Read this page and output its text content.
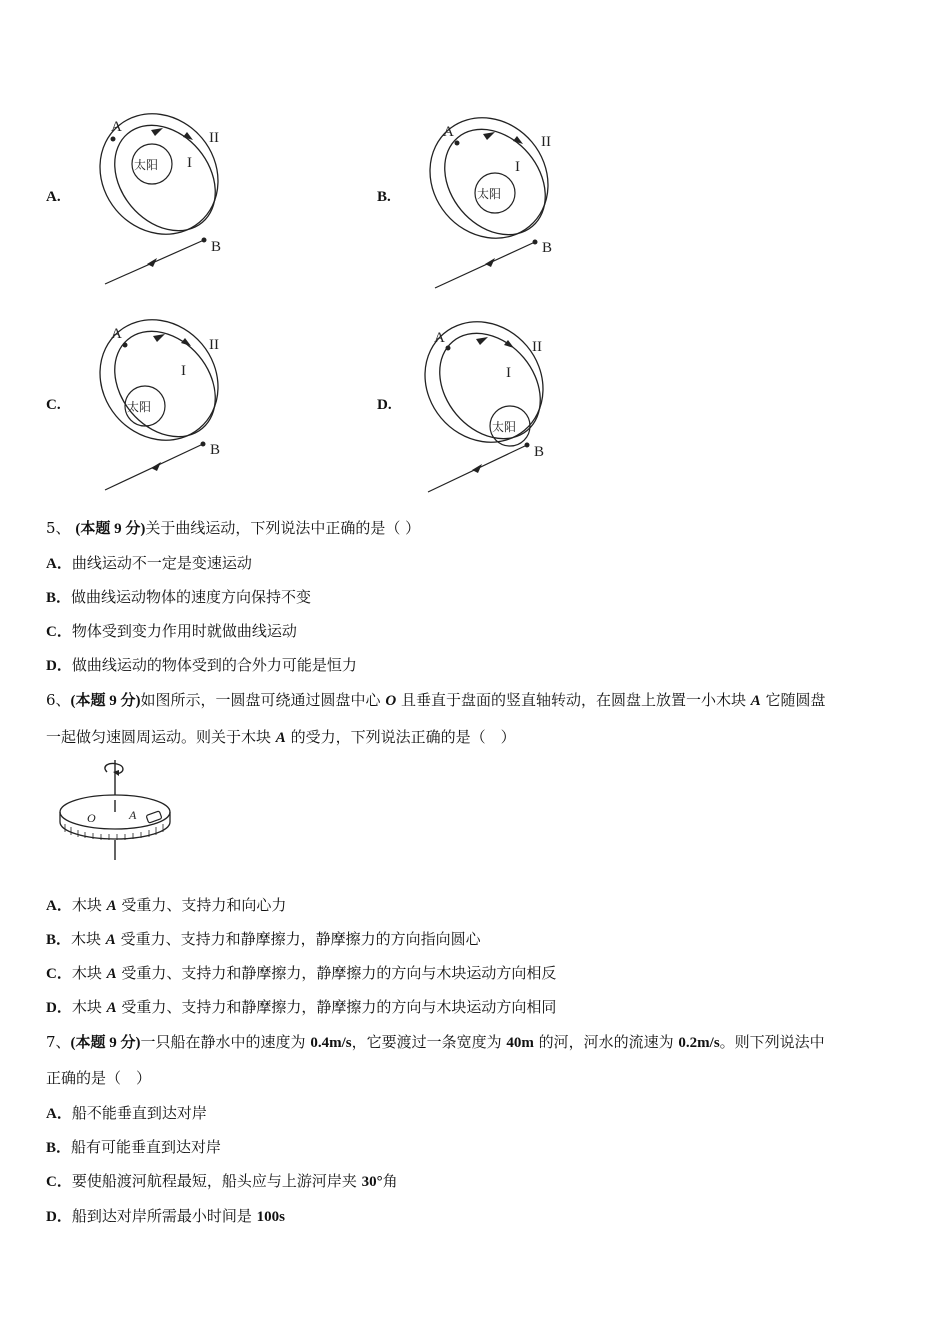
A.
太阳
A
B
I
II
B.	太阳
A
B
I
II
C.	太阳
A
B
I
II
D.
太阳
A
B
I
II
5、 (本题 9 分)关于曲线运动，下列说法中正确的是（ ）
A．曲线运动不一定是变速运动
B．做曲线运动物体的速度方向保持不变
C．物体受到变力作用时就做曲线运动
D．做曲线运动的物体受到的合外力可能是恒力
6、(本题 9 分)如图所示，一圆盘可绕通过圆盘中心 O 且垂直于盘面的竖直轴转动，在圆盘上放置一小木块 A 它随圆盘
一起做匀速圆周运动。则关于木块 A 的受力，下列说法正确的是（　）
O	A
A．木块 A 受重力、支持力和向心力
B．木块 A 受重力、支持力和静摩擦力，静摩擦力的方向指向圆心
C．木块 A 受重力、支持力和静摩擦力，静摩擦力的方向与木块运动方向相反
D．木块 A 受重力、支持力和静摩擦力，静摩擦力的方向与木块运动方向相同
7、(本题 9 分)一只船在静水中的速度为 0.4m/s，它要渡过一条宽度为 40m 的河，河水的流速为 0.2m/s。则下列说法中
正确的是（　）
A．船不能垂直到达对岸
B．船有可能垂直到达对岸
C．要使船渡河航程最短，船头应与上游河岸夹 30°角
D．船到达对岸所需最小时间是 100s
